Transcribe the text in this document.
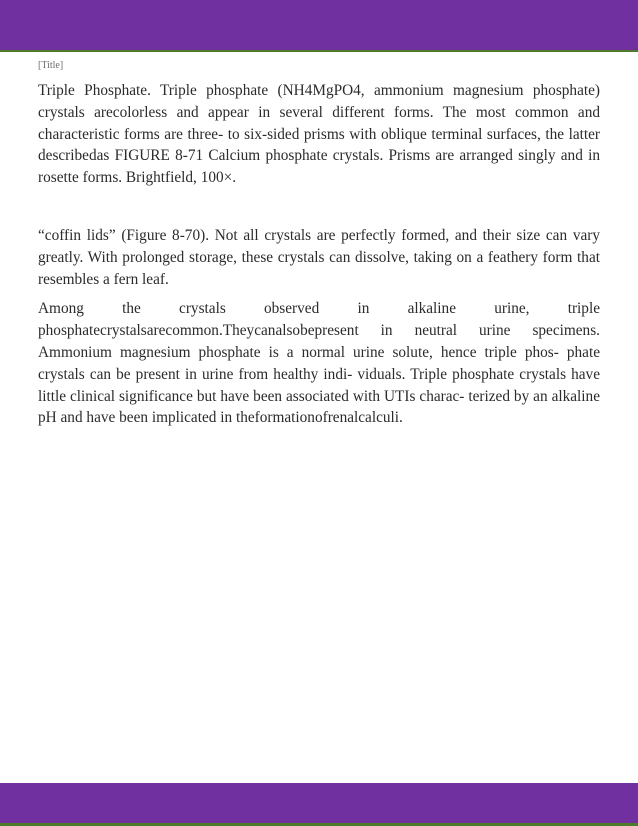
[Title]

Triple Phosphate. Triple phosphate (NH4MgPO4, ammonium magnesium phosphate) crystals arecolorless and appear in several different forms. The most common and characteristic forms are three- to six-sided prisms with oblique terminal surfaces, the latter describedas FIGURE 8-71 Calcium phosphate crystals. Prisms are arranged singly and in rosette forms. Brightfield, 100×.

“coffin lids” (Figure 8-70). Not all crystals are perfectly formed, and their size can vary greatly. With prolonged storage, these crystals can dissolve, taking on a feathery form that resembles a fern leaf.

Among the crystals observed in alkaline urine, triple phosphatecrystalsarecommon.Theycanalsobepresent in neutral urine specimens. Ammonium magnesium phosphate is a normal urine solute, hence triple phos- phate crystals can be present in urine from healthy indi- viduals. Triple phosphate crystals have little clinical significance but have been associated with UTIs charac- terized by an alkaline pH and have been implicated in theformationofrenalcalculi.
